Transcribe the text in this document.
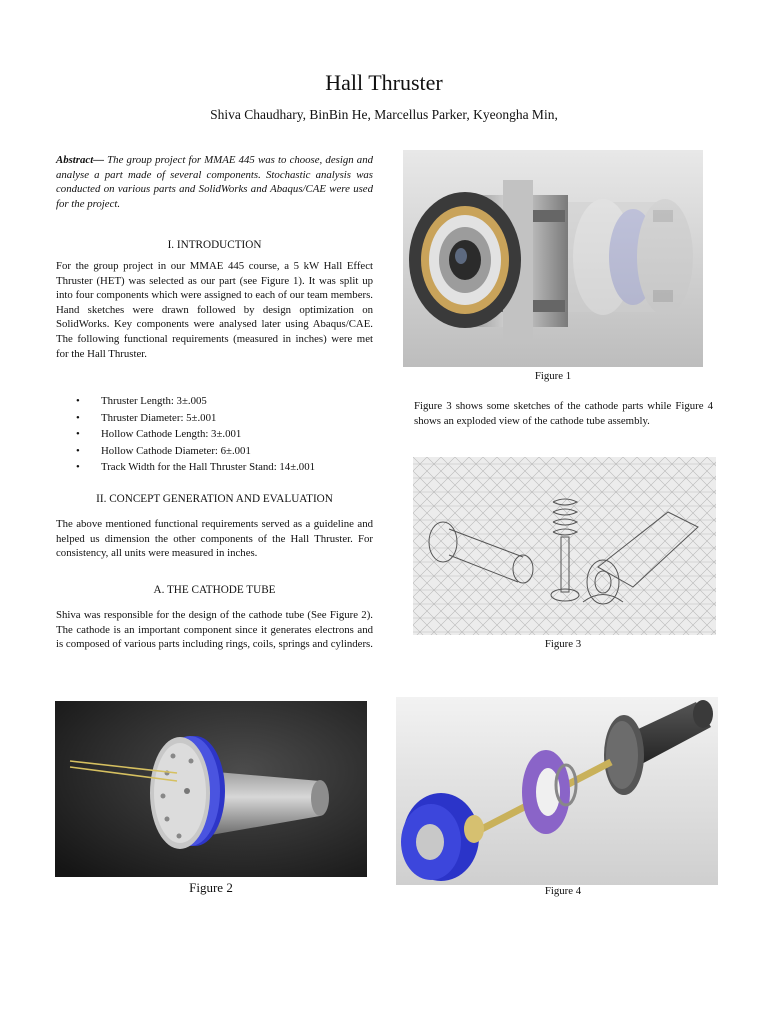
Hall Thruster
Shiva Chaudhary, BinBin He, Marcellus Parker, Kyeongha Min,
Abstract— The group project for MMAE 445 was to choose, design and analyse a part made of several components. Stochastic analysis was conducted on various parts and SolidWorks and Abaqus/CAE were used for the project.
I. INTRODUCTION
For the group project in our MMAE 445 course, a 5 kW Hall Effect Thruster (HET) was selected as our part (see Figure 1). It was split up into four components which were assigned to each of our team members. Hand sketches were drawn followed by design optimization on SolidWorks. Key components were analysed later using Abaqus/CAE. The following functional requirements (measured in inches) were met for the Hall Thruster.
• Thruster Length: 3±.005
• Thruster Diameter: 5±.001
• Hollow Cathode Length: 3±.001
• Hollow Cathode Diameter: 6±.001
• Track Width for the Hall Thruster Stand: 14±.001
II. CONCEPT GENERATION AND EVALUATION
The above mentioned functional requirements served as a guideline and helped us dimension the other components of the Hall Thruster. For consistency, all units were measured in inches.
A. THE CATHODE TUBE
Shiva was responsible for the design of the cathode tube (See Figure 2). The cathode is an important component since it generates electrons and is composed of various parts including rings, coils, springs and cylinders.
Figure 1
Figure 3 shows some sketches of the cathode parts while Figure 4 shows an exploded view of the cathode tube assembly.
Figure 3
Figure 2	Figure 4
